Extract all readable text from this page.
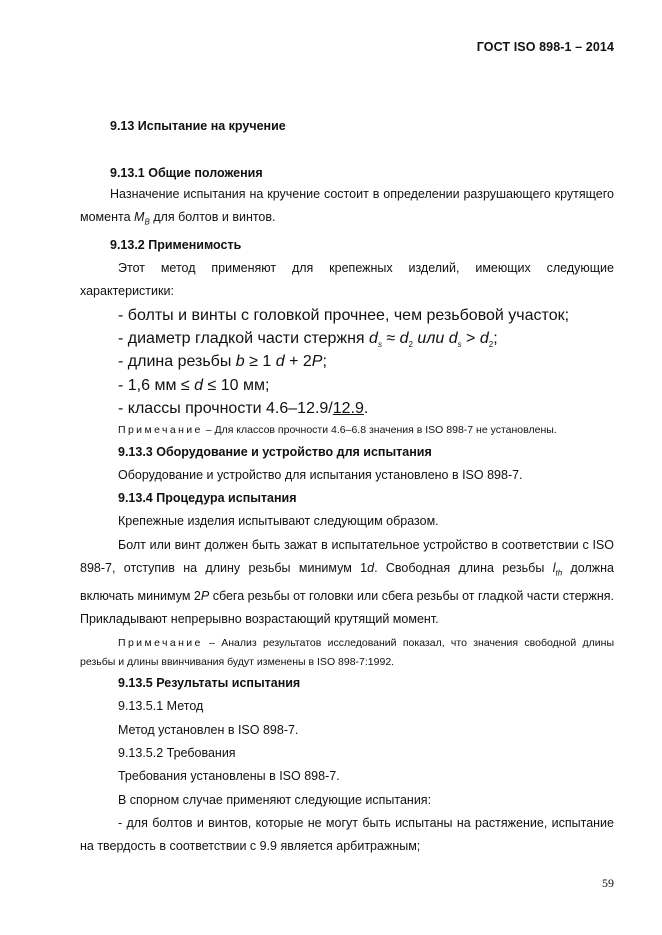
ГОСТ ISO 898-1 – 2014
9.13 Испытание на кручение
9.13.1 Общие положения

Назначение испытания на кручение состоит в определении разрушающего крутящего момента $M_B$ для болтов и винтов.

9.13.2 Применимость

Этот метод применяют для крепежных изделий, имеющих следующие характеристики:

- болты и винты с головкой прочнее, чем резьбовой участок;
- диаметр гладкой части стержня $d_s \approx d_2$ или $d_s > d_2$;
- длина резьбы b ≥ 1 d + 2P;
- 1,6 мм ≤ d ≤ 10 мм;
- классы прочности 4.6–12.9/12.9.

Примечание – Для классов прочности 4.6–6.8 значения в ISO 898-7 не установлены.

9.13.3 Оборудование и устройство для испытания

Оборудование и устройство для испытания установлено в ISO 898-7.

9.13.4 Процедура испытания

Крепежные изделия испытывают следующим образом.

Болт или винт должен быть зажат в испытательное устройство в соответствии с ISO 898-7, отступив на длину резьбы минимум 1d. Свободная длина резьбы $l_{th}$ должна включать минимум 2P сбега резьбы от головки или сбега резьбы от гладкой части стержня. Прикладывают непрерывно возрастающий крутящий момент.

Примечание – Анализ результатов исследований показал, что значения свободной длины резьбы и длины ввинчивания будут изменены в ISO 898-7:1992.

9.13.5 Результаты испытания

9.13.5.1 Метод

Метод установлен в ISO 898-7.

9.13.5.2 Требования

Требования установлены в ISO 898-7.

В спорном случае применяют следующие испытания:

- для болтов и винтов, которые не могут быть испытаны на растяжение, испытание на твердость в соответствии с 9.9 является арбитражным;

59
